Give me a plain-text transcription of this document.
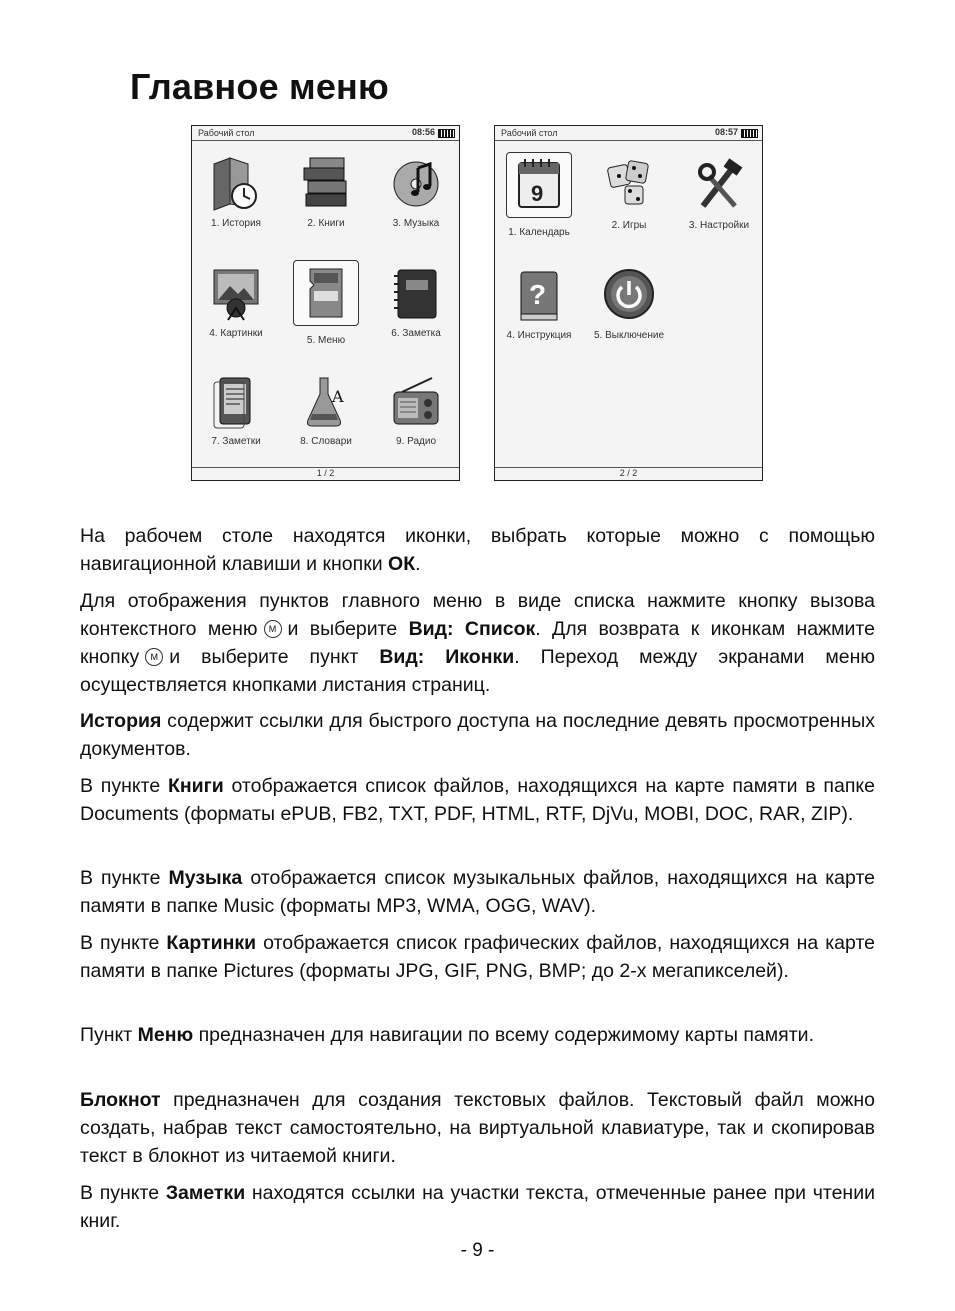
Главное меню
Рабочий стол	08:56
1. История	2. Книги	3. Музыка
4. Картинки
5. Меню
6. Заметка
7. Заметки
A
8. Словари	9. Радио
1 / 2
Рабочий стол	08:57
9
1. Календарь
2. Игры	3. Настройки
?
4. Инструкция	5. Выключение
2 / 2

На рабочем столе находятся иконки, выбрать которые можно с помощью навигационной клавиши и кнопки ОК.

Для отображения пунктов главного меню в виде списка нажмите кнопку вызова контекстного меню M и выберите Вид: Список. Для возврата к иконкам нажмите кнопку M и выберите пункт Вид: Иконки. Переход между экранами меню осуществляется кнопками листания страниц.

История содержит ссылки для быстрого доступа на последние девять просмотренных документов.

В пункте Книги отображается список файлов, находящихся на карте памяти в папке Documents (форматы ePUB, FB2, TXT, PDF, HTML, RTF, DjVu, MOBI, DOC, RAR, ZIP).

В пункте Музыка отображается список музыкальных файлов, находящихся на карте памяти в папке Music (форматы MP3, WMA, OGG, WAV).

В пункте Картинки отображается список графических файлов, находящихся на карте памяти в папке Pictures (форматы JPG, GIF, PNG, BMP; до 2-х мегапикселей).

Пункт Меню предназначен для навигации по всему содержимому карты памяти.

Блокнот предназначен для создания текстовых файлов. Текстовый файл можно создать, набрав текст самостоятельно, на виртуальной клавиатуре, так и скопировав текст в блокнот из читаемой книги.

В пункте Заметки находятся ссылки на участки текста, отмеченные ранее при чтении книг.

- 9 -
